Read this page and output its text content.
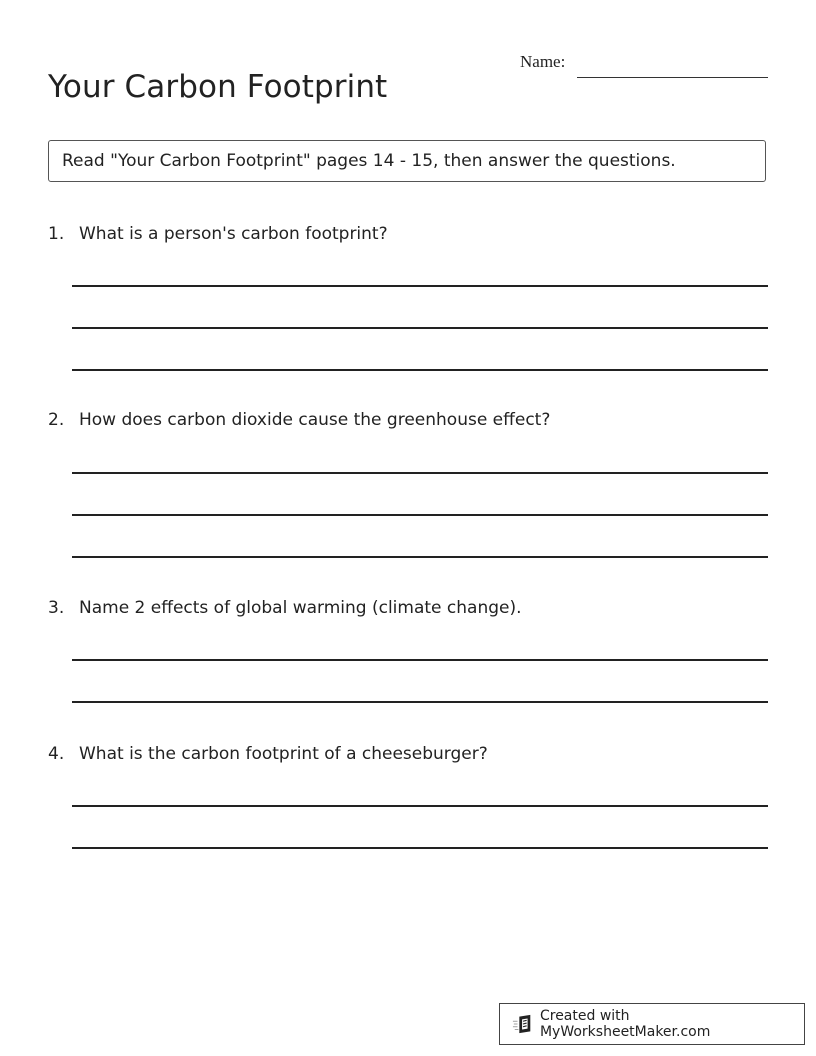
Your Carbon Footprint
Name:
Read "Your Carbon Footprint" pages 14 - 15, then answer the questions.
1. What is a person's carbon footprint?
2. How does carbon dioxide cause the greenhouse effect?
3. Name 2 effects of global warming (climate change).
4. What is the carbon footprint of a cheeseburger?
Created with MyWorksheetMaker.com
